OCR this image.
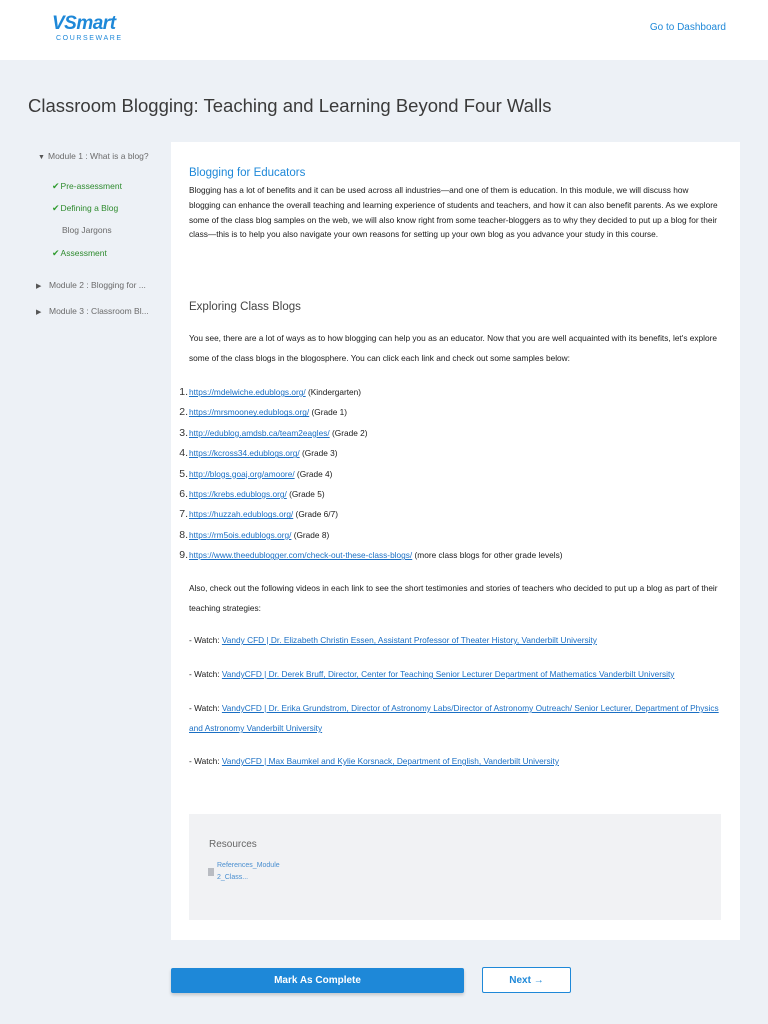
VSmart
COURSEWARE
Go to Dashboard
Classroom Blogging: Teaching and Learning Beyond Four Walls
▼ Module 1 : What is a blog?
✔Pre-assessment
✔Defining a Blog
Blog Jargons
✔Assessment
▶ Module 2 : Blogging for ...
▶ Module 3 : Classroom Bl...
Blogging for Educators
Blogging has a lot of benefits and it can be used across all industries—and one of them is education. In this module, we will discuss how blogging can enhance the overall teaching and learning experience of students and teachers, and how it can also benefit parents. As we explore some of the class blog samples on the web, we will also know right from some teacher-bloggers as to why they decided to put up a blog for their class—this is to help you also navigate your own reasons for setting up your own blog as you advance your study in this course.
Exploring Class Blogs
You see, there are a lot of ways as to how blogging can help you as an educator. Now that you are well acquainted with its benefits, let's explore some of the class blogs in the blogosphere. You can click each link and check out some samples below:
1.https://mdelwiche.edublogs.org/ (Kindergarten)
2.https://mrsmooney.edublogs.org/ (Grade 1)
3.http://edublog.amdsb.ca/team2eagles/ (Grade 2)
4.https://kcross34.edublogs.org/ (Grade 3)
5.http://blogs.goaj.org/amoore/ (Grade 4)
6.https://krebs.edublogs.org/ (Grade 5)
7.https://huzzah.edublogs.org/ (Grade 6/7)
8.https://rm5ois.edublogs.org/ (Grade 8)
9.https://www.theedublogger.com/check-out-these-class-blogs/ (more class blogs for other grade levels)
Also, check out the following videos in each link to see the short testimonies and stories of teachers who decided to put up a blog as part of their teaching strategies:
- Watch: Vandy CFD | Dr. Elizabeth Christin Essen, Assistant Professor of Theater History, Vanderbilt University
- Watch: VandyCFD | Dr. Derek Bruff, Director, Center for Teaching Senior Lecturer Department of Mathematics Vanderbilt University
- Watch: VandyCFD | Dr. Erika Grundstrom, Director of Astronomy Labs/Director of Astronomy Outreach/ Senior Lecturer, Department of Physics and Astronomy Vanderbilt University
- Watch: VandyCFD | Max Baumkel and Kylie Korsnack, Department of English, Vanderbilt University
Resources
References_Module 2_Class...
Mark As Complete	Next →
